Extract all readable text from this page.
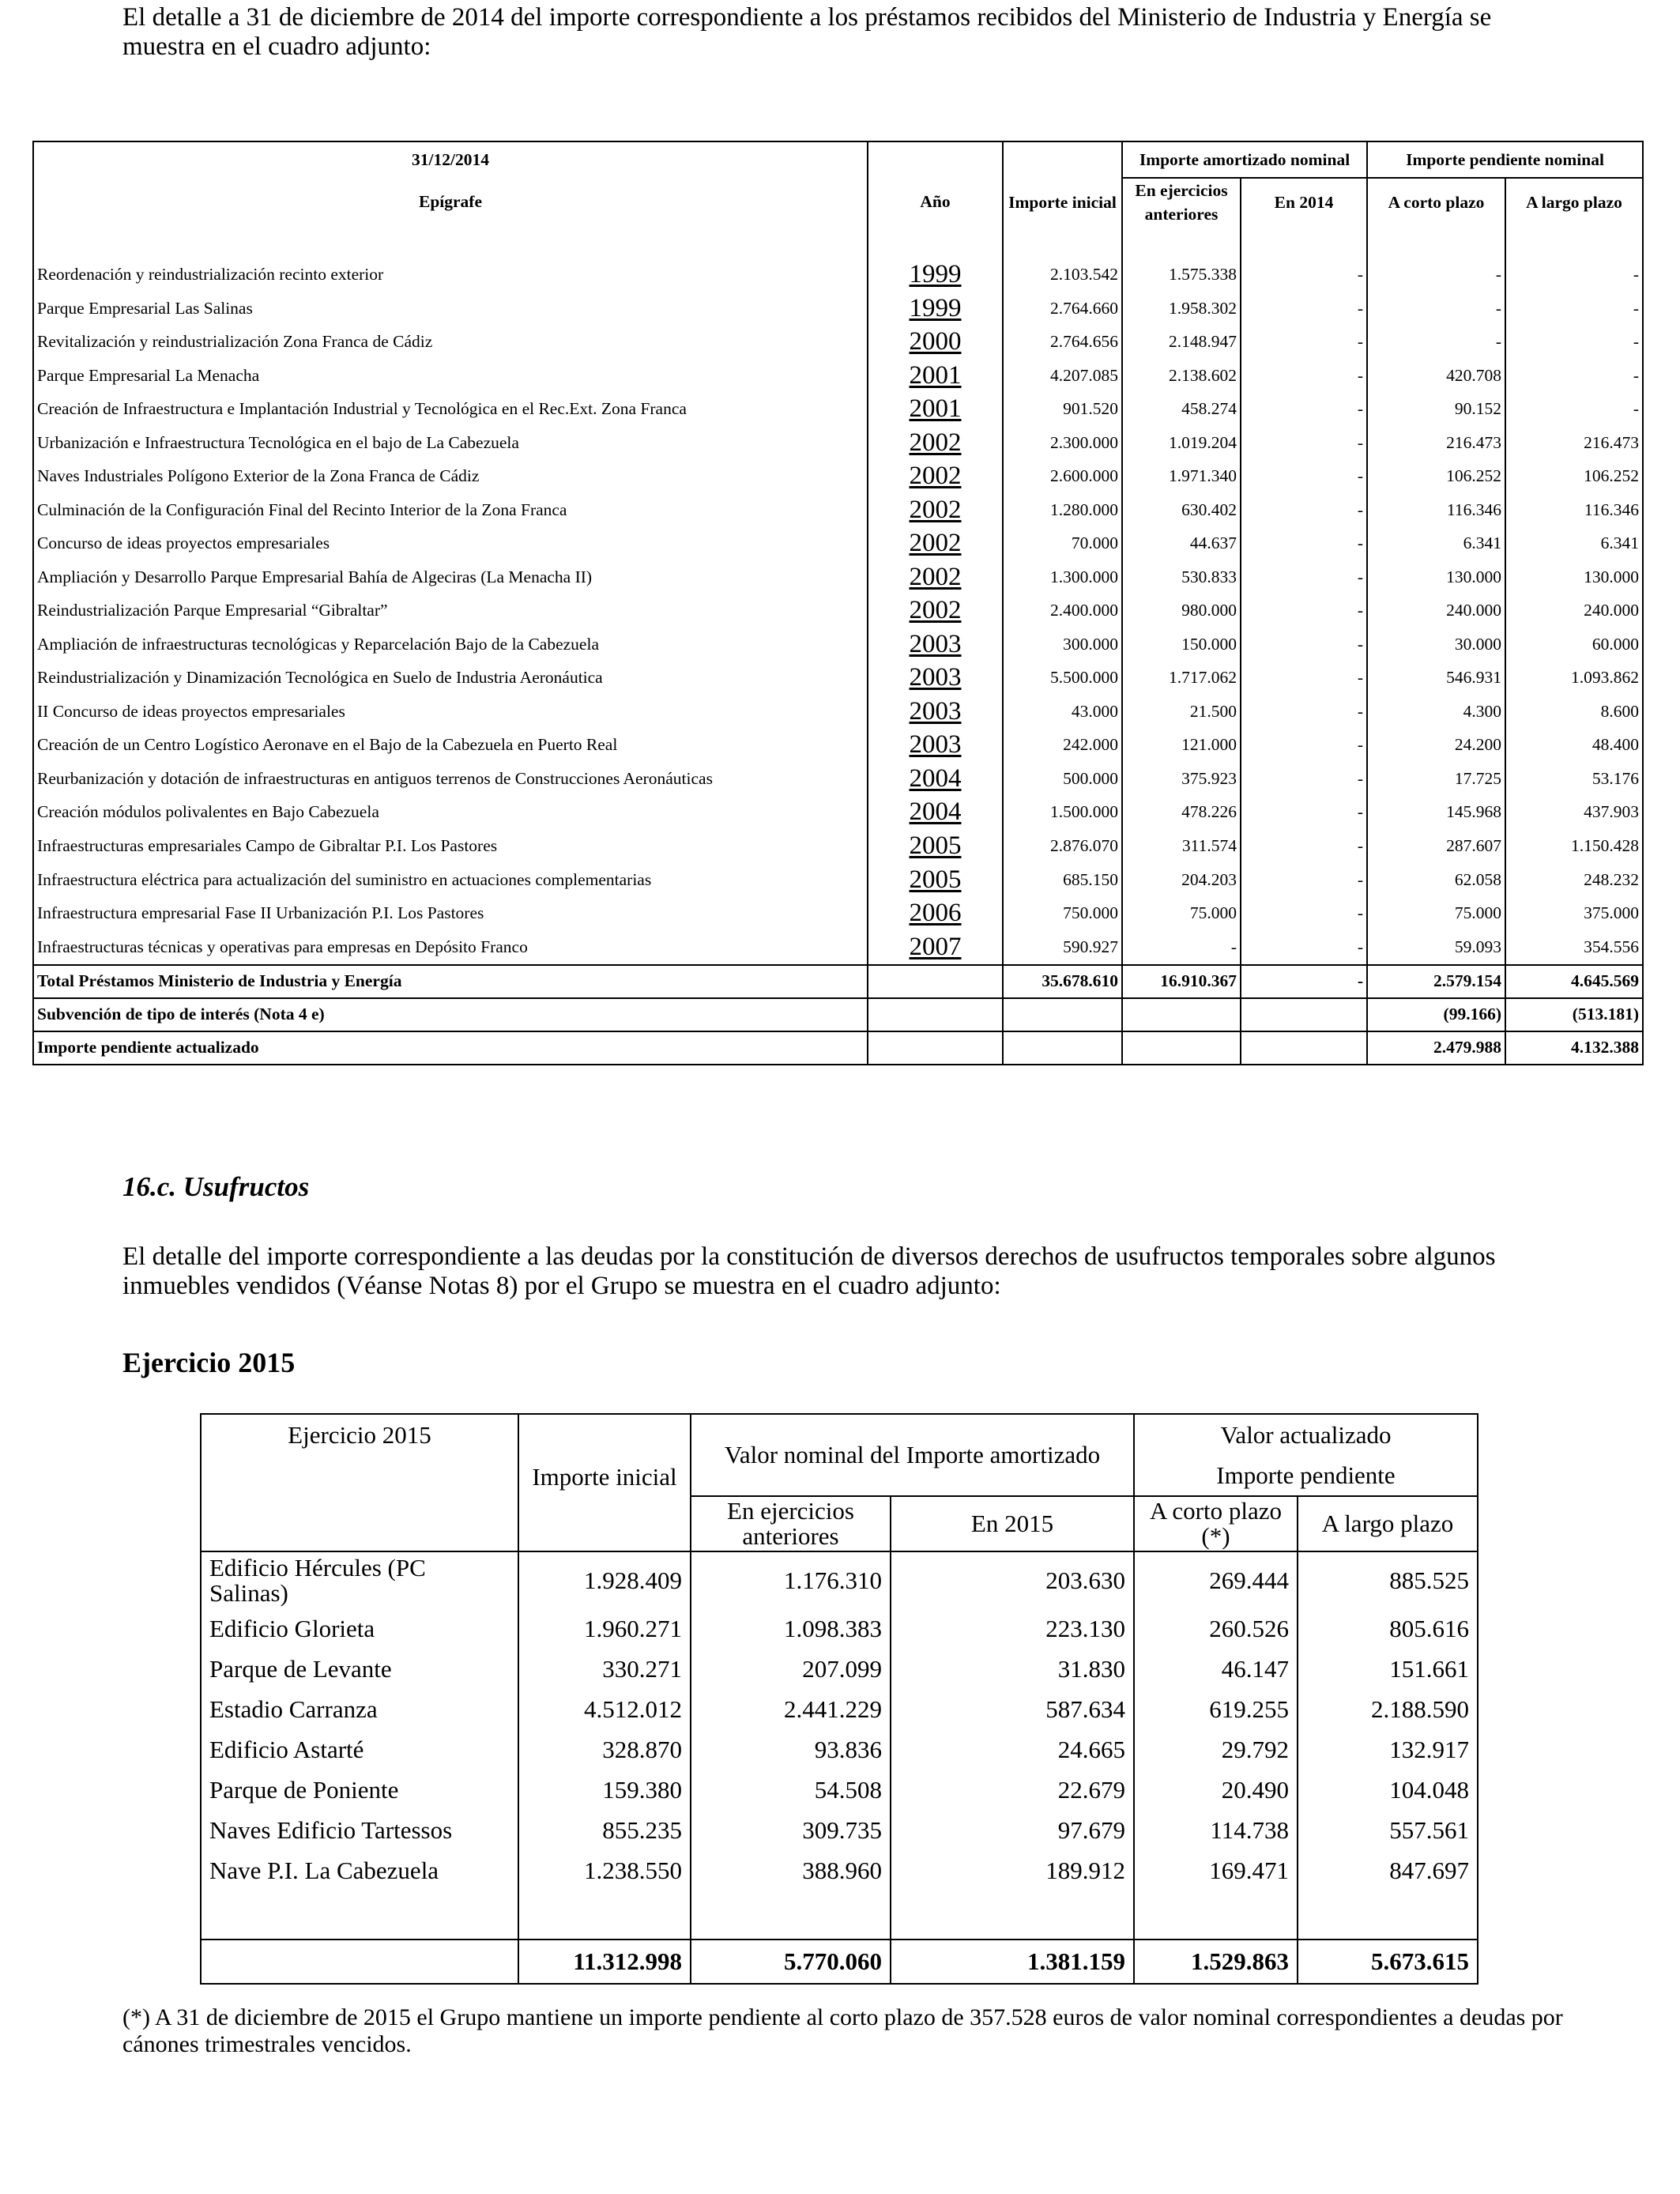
El detalle a 31 de diciembre de 2014 del importe correspondiente a los préstamos recibidos del Ministerio de Industria y Energía se muestra en el cuadro adjunto:

31/12/2014			Importe amortizado nominal		Importe pendiente nominal	
Epígrafe	Año	Importe inicial	En ejercicios anteriores	En 2014	A corto plazo	A largo plazo

Reordenación y reindustrialización recinto exterior	1999	2.103.542	1.575.338	-	-	-
Parque Empresarial Las Salinas	1999	2.764.660	1.958.302	-	-	-
Revitalización y reindustrialización Zona Franca de Cádiz	2000	2.764.656	2.148.947	-	-	-
Parque Empresarial La Menacha	2001	4.207.085	2.138.602	-	420.708	-
Creación de Infraestructura e Implantación Industrial y Tecnológica en el Rec.Ext. Zona Franca	2001	901.520	458.274	-	90.152	-
Urbanización e Infraestructura Tecnológica en el bajo de La Cabezuela	2002	2.300.000	1.019.204	-	216.473	216.473
Naves Industriales Polígono Exterior de la Zona Franca de Cádiz	2002	2.600.000	1.971.340	-	106.252	106.252
Culminación de la Configuración Final del Recinto Interior de la Zona Franca	2002	1.280.000	630.402	-	116.346	116.346
Concurso de ideas proyectos empresariales	2002	70.000	44.637	-	6.341	6.341
Ampliación y Desarrollo Parque Empresarial Bahía de Algeciras (La Menacha II)	2002	1.300.000	530.833	-	130.000	130.000
Reindustrialización Parque Empresarial “Gibraltar”	2002	2.400.000	980.000	-	240.000	240.000
Ampliación de infraestructuras tecnológicas y Reparcelación Bajo de la Cabezuela	2003	300.000	150.000	-	30.000	60.000
Reindustrialización y Dinamización Tecnológica en Suelo de Industria Aeronáutica	2003	5.500.000	1.717.062	-	546.931	1.093.862
II Concurso de ideas proyectos empresariales	2003	43.000	21.500	-	4.300	8.600
Creación de un Centro Logístico Aeronave en el Bajo de la Cabezuela en Puerto Real	2003	242.000	121.000	-	24.200	48.400
Reurbanización y dotación de infraestructuras en antiguos terrenos de Construcciones Aeronáuticas	2004	500.000	375.923	-	17.725	53.176
Creación módulos polivalentes en Bajo Cabezuela	2004	1.500.000	478.226	-	145.968	437.903
Infraestructuras empresariales Campo de Gibraltar P.I. Los Pastores	2005	2.876.070	311.574	-	287.607	1.150.428
Infraestructura eléctrica para actualización del suministro en actuaciones complementarias	2005	685.150	204.203	-	62.058	248.232
Infraestructura empresarial Fase II Urbanización P.I. Los Pastores	2006	750.000	75.000	-	75.000	375.000
Infraestructuras técnicas y operativas para empresas en Depósito Franco	2007	590.927	-	-	59.093	354.556
Total Préstamos Ministerio de Industria y Energía		35.678.610	16.910.367	-	2.579.154	4.645.569
Subvención de tipo de interés (Nota 4 e)					(99.166)	(513.181)
Importe pendiente actualizado					2.479.988	4.132.388
16.c. Usufructos

El detalle del importe correspondiente a las deudas por la constitución de diversos derechos de usufructos temporales sobre algunos inmuebles vendidos (Véanse Notas 8) por el Grupo se muestra en el cuadro adjunto:

Ejercicio 2015
Ejercicio 2015	Importe inicial	Valor nominal del Importe amortizado		Valor actualizado	
				Importe pendiente	
		En ejercicios anteriores	En 2015	A corto plazo (*)	A largo plazo
Edificio Hércules (PC Salinas)	1.928.409	1.176.310	203.630	269.444	885.525
Edificio Glorieta	1.960.271	1.098.383	223.130	260.526	805.616
Parque de Levante	330.271	207.099	31.830	46.147	151.661
Estadio Carranza	4.512.012	2.441.229	587.634	619.255	2.188.590
Edificio Astarté	328.870	93.836	24.665	29.792	132.917
Parque de Poniente	159.380	54.508	22.679	20.490	104.048
Naves Edificio Tartessos	855.235	309.735	97.679	114.738	557.561
Nave P.I. La Cabezuela	1.238.550	388.960	189.912	169.471	847.697

	11.312.998	5.770.060	1.381.159	1.529.863	5.673.615

(*) A 31 de diciembre de 2015 el Grupo mantiene un importe pendiente al corto plazo de 357.528 euros de valor nominal correspondientes a deudas por cánones trimestrales vencidos.
